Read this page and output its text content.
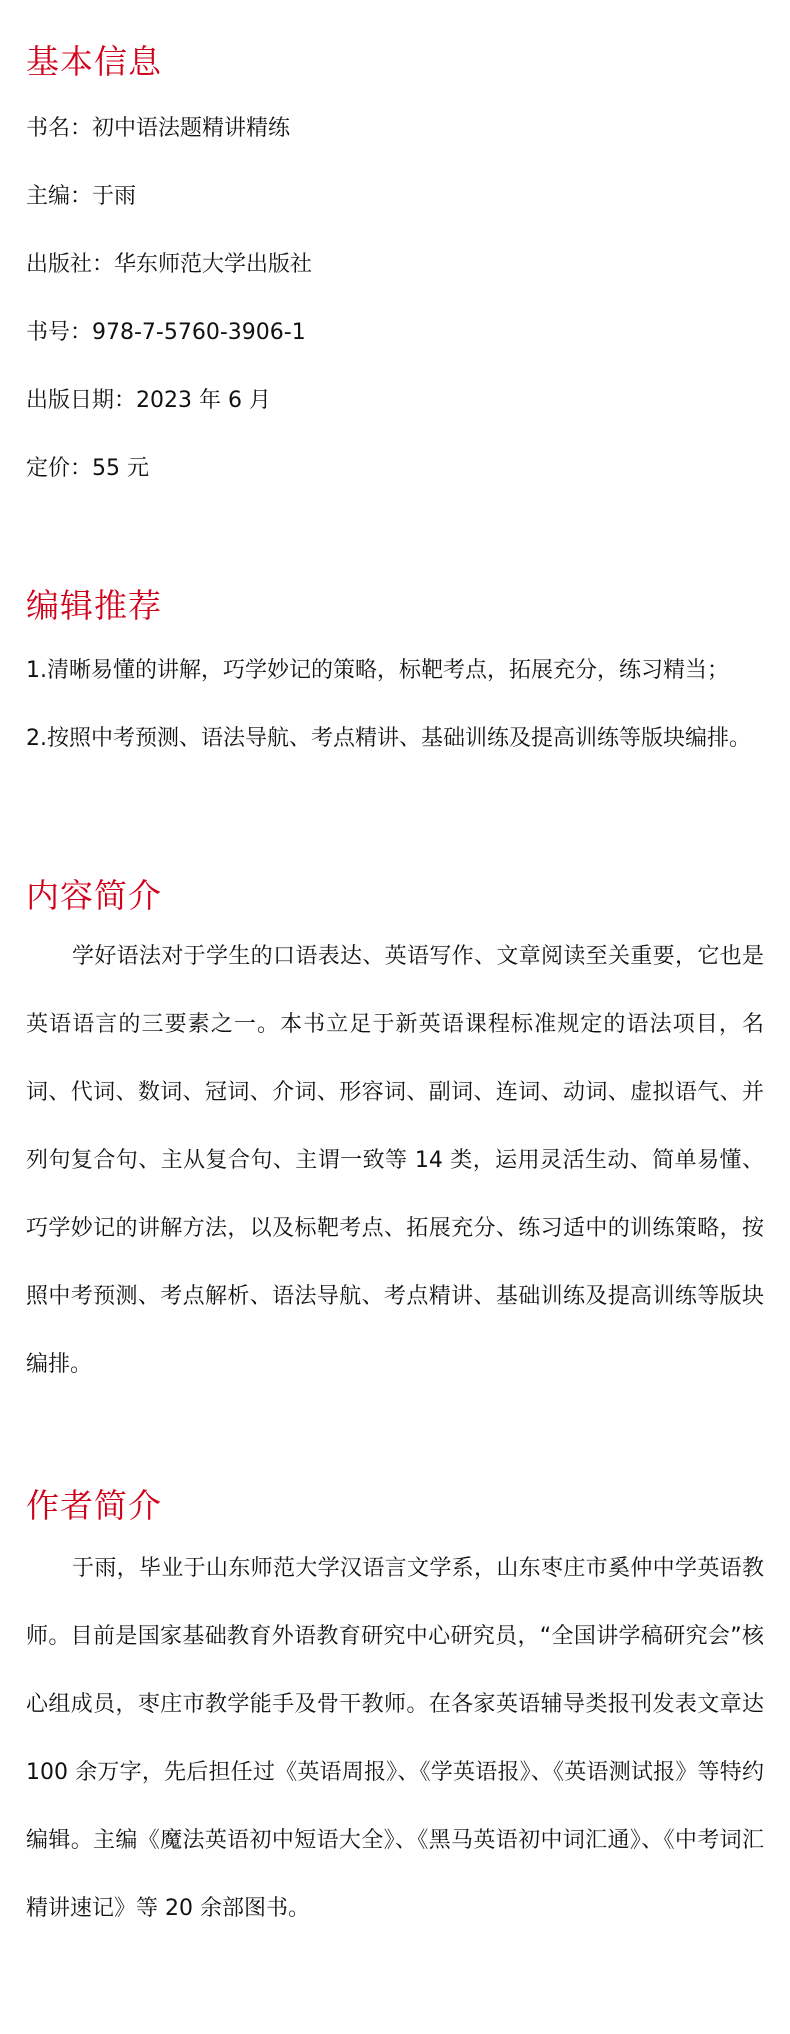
基本信息

书名：初中语法题精讲精练

主编：于雨

出版社：华东师范大学出版社

书号：978-7-5760-3906-1

出版日期：2023 年 6 月

定价：55 元

编辑推荐

1.清晰易懂的讲解，巧学妙记的策略，标靶考点，拓展充分，练习精当；

2.按照中考预测、语法导航、考点精讲、基础训练及提高训练等版块编排。

内容简介

学好语法对于学生的口语表达、英语写作、文章阅读至关重要，它也是英语语言的三要素之一。本书立足于新英语课程标准规定的语法项目，名词、代词、数词、冠词、介词、形容词、副词、连词、动词、虚拟语气、并列句复合句、主从复合句、主谓一致等 14 类，运用灵活生动、简单易懂、巧学妙记的讲解方法，以及标靶考点、拓展充分、练习适中的训练策略，按照中考预测、考点解析、语法导航、考点精讲、基础训练及提高训练等版块编排。

作者简介

于雨，毕业于山东师范大学汉语言文学系，山东枣庄市奚仲中学英语教师。目前是国家基础教育外语教育研究中心研究员，“全国讲学稿研究会”核心组成员，枣庄市教学能手及骨干教师。在各家英语辅导类报刊发表文章达 100 余万字，先后担任过《英语周报》、《学英语报》、《英语测试报》等特约编辑。主编《魔法英语初中短语大全》、《黑马英语初中词汇通》、《中考词汇精讲速记》等 20 余部图书。
